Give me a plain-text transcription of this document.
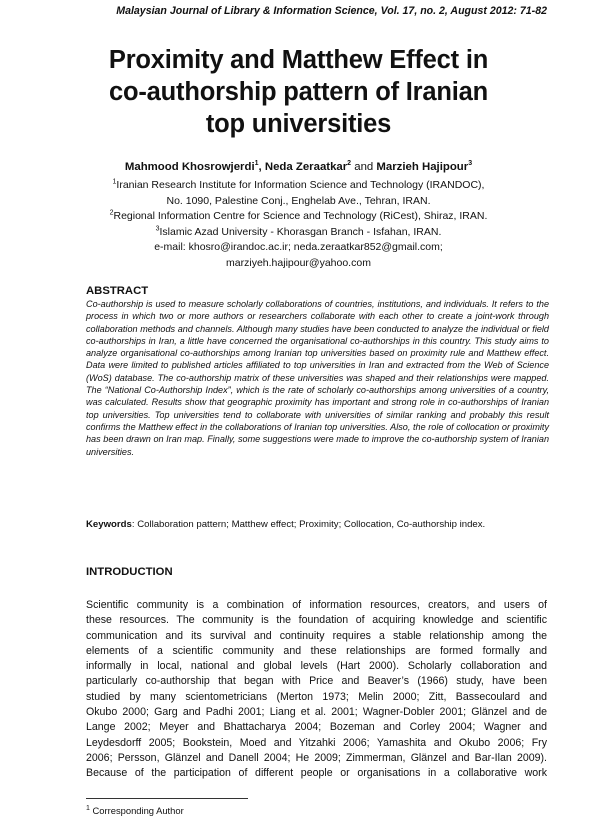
Malaysian Journal of Library & Information Science, Vol. 17, no. 2, August 2012: 71-82
Proximity and Matthew Effect in
co-authorship pattern of Iranian
top universities
Mahmood Khosrowjerdi$^1$, Neda Zeraatkar$^2$ and Marzieh Hajipour$^3$
$^1$Iranian Research Institute for Information Science and Technology (IRANDOC),
No. 1090, Palestine Conj., Enghelab Ave., Tehran, IRAN.
$^2$Regional Information Centre for Science and Technology (RiCest), Shiraz, IRAN.
$^3$Islamic Azad University - Khorasgan Branch - Isfahan, IRAN.
e-mail: khosro@irandoc.ac.ir; neda.zeraatkar852@gmail.com;
marziyeh.hajipour@yahoo.com
ABSTRACT
Co-authorship is used to measure scholarly collaborations of countries, institutions, and individuals. It refers to the process in which two or more authors or researchers collaborate with each other to create a joint-work through collaboration methods and channels. Although many studies have been conducted to analyze the individual or field co-authorships in Iran, a little have concerned the organisational co-authorships in this country. This study aims to analyze organisational co-authorships among Iranian top universities based on proximity rule and Matthew effect. Data were limited to published articles affiliated to top universities in Iran and extracted from the Web of Science (WoS) database. The co-authorship matrix of these universities was shaped and their relationships were mapped. The “National Co-Authorship Index”, which is the rate of scholarly co-authorships among universities of a country, was calculated. Results show that geographic proximity has important and strong role in co-authorships of Iranian top universities. Top universities tend to collaborate with universities of similar ranking and probably this result confirms the Matthew effect in the collaborations of Iranian top universities. Also, the role of collocation or proximity has been drawn on Iran map. Finally, some suggestions were made to improve the co-authorship system of Iranian universities.
Keywords: Collaboration pattern; Matthew effect; Proximity; Collocation, Co-authorship index.
INTRODUCTION
Scientific community is a combination of information resources, creators, and users of
these resources. The community is the foundation of acquiring knowledge and scientific
communication and its survival and continuity requires a stable relationship among the
elements of a scientific community and these relationships are formed formally and
informally in local, national and global levels (Hart 2000). Scholarly collaboration and
particularly co-authorship that began with Price and Beaver’s (1966) study, have been
studied by many scientometricians (Merton 1973; Melin 2000; Zitt, Bassecoulard and
Okubo 2000; Garg and Padhi 2001; Liang et al. 2001; Wagner-Dobler 2001; Glänzel and de
Lange 2002; Meyer and Bhattacharya 2004; Bozeman and Corley 2004; Wagner and
Leydesdorff 2005; Bookstein, Moed and Yitzahki 2006; Yamashita and Okubo 2006; Fry
2006; Persson, Glänzel and Danell 2004; He 2009; Zimmerman, Glänzel and Bar-Ilan 2009).
Because of the participation of different people or organisations in a collaborative work
$^1$ Corresponding Author
